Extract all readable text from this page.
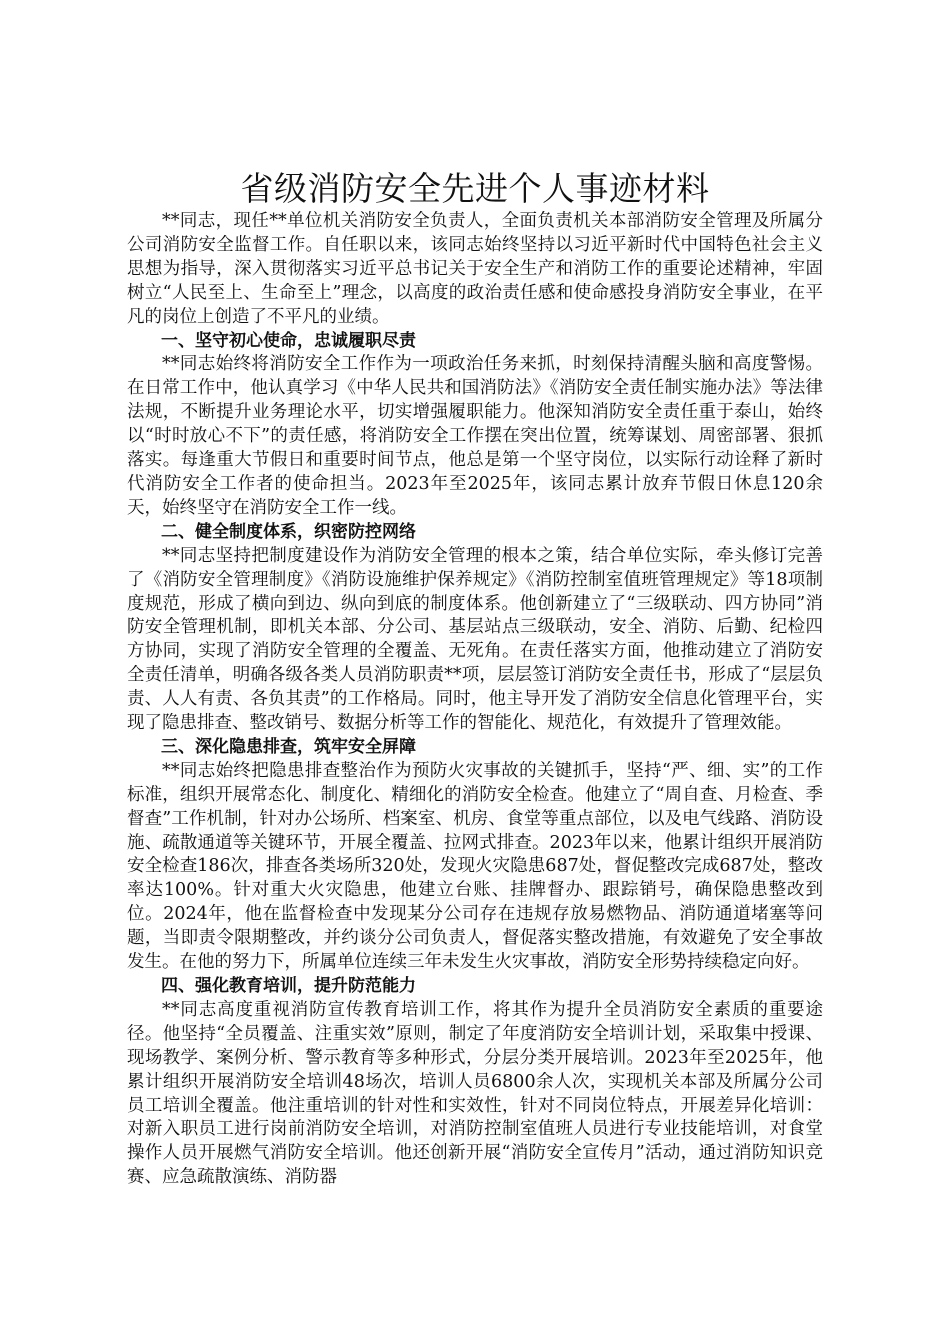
省级消防安全先进个人事迹材料

**同志，现任**单位机关消防安全负责人，全面负责机关本部消防安全管理及所属分公司消防安全监督工作。自任职以来，该同志始终坚持以习近平新时代中国特色社会主义思想为指导，深入贯彻落实习近平总书记关于安全生产和消防工作的重要论述精神，牢固树立“人民至上、生命至上”理念，以高度的政治责任感和使命感投身消防安全事业，在平凡的岗位上创造了不平凡的业绩。

一、坚守初心使命，忠诚履职尽责

**同志始终将消防安全工作作为一项政治任务来抓，时刻保持清醒头脑和高度警惕。在日常工作中，他认真学习《中华人民共和国消防法》《消防安全责任制实施办法》等法律法规，不断提升业务理论水平，切实增强履职能力。他深知消防安全责任重于泰山，始终以“时时放心不下”的责任感，将消防安全工作摆在突出位置，统筹谋划、周密部署、狠抓落实。每逢重大节假日和重要时间节点，他总是第一个坚守岗位，以实际行动诠释了新时代消防安全工作者的使命担当。2023年至2025年，该同志累计放弃节假日休息120余天，始终坚守在消防安全工作一线。

二、健全制度体系，织密防控网络

**同志坚持把制度建设作为消防安全管理的根本之策，结合单位实际，牵头修订完善了《消防安全管理制度》《消防设施维护保养规定》《消防控制室值班管理规定》等18项制度规范，形成了横向到边、纵向到底的制度体系。他创新建立了“三级联动、四方协同”消防安全管理机制，即机关本部、分公司、基层站点三级联动，安全、消防、后勤、纪检四方协同，实现了消防安全管理的全覆盖、无死角。在责任落实方面，他推动建立了消防安全责任清单，明确各级各类人员消防职责**项，层层签订消防安全责任书，形成了“层层负责、人人有责、各负其责”的工作格局。同时，他主导开发了消防安全信息化管理平台，实现了隐患排查、整改销号、数据分析等工作的智能化、规范化，有效提升了管理效能。

三、深化隐患排查，筑牢安全屏障

**同志始终把隐患排查整治作为预防火灾事故的关键抓手，坚持“严、细、实”的工作标准，组织开展常态化、制度化、精细化的消防安全检查。他建立了“周自查、月检查、季督查”工作机制，针对办公场所、档案室、机房、食堂等重点部位，以及电气线路、消防设施、疏散通道等关键环节，开展全覆盖、拉网式排查。2023年以来，他累计组织开展消防安全检查186次，排查各类场所320处，发现火灾隐患687处，督促整改完成687处，整改率达100%。针对重大火灾隐患，他建立台账、挂牌督办、跟踪销号，确保隐患整改到位。2024年，他在监督检查中发现某分公司存在违规存放易燃物品、消防通道堵塞等问题，当即责令限期整改，并约谈分公司负责人，督促落实整改措施，有效避免了安全事故发生。在他的努力下，所属单位连续三年未发生火灾事故，消防安全形势持续稳定向好。

四、强化教育培训，提升防范能力

**同志高度重视消防宣传教育培训工作，将其作为提升全员消防安全素质的重要途径。他坚持“全员覆盖、注重实效”原则，制定了年度消防安全培训计划，采取集中授课、现场教学、案例分析、警示教育等多种形式，分层分类开展培训。2023年至2025年，他累计组织开展消防安全培训48场次，培训人员6800余人次，实现机关本部及所属分公司员工培训全覆盖。他注重培训的针对性和实效性，针对不同岗位特点，开展差异化培训：对新入职员工进行岗前消防安全培训，对消防控制室值班人员进行专业技能培训，对食堂操作人员开展燃气消防安全培训。他还创新开展“消防安全宣传月”活动，通过消防知识竞赛、应急疏散演练、消防器
